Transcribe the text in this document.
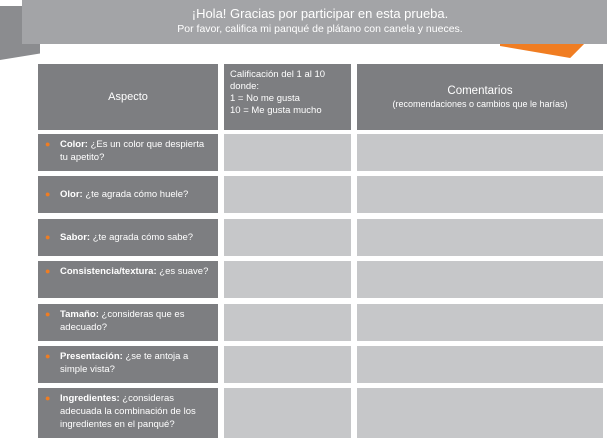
¡Hola! Gracias por participar en esta prueba.
Por favor, califica mi panqué de plátano con canela y nueces.
Aspecto
Calificación del 1 al 10
donde:
1 = No me gusta
10 = Me gusta mucho
Comentarios
(recomendaciones o cambios que le harías)
● Color: ¿Es un color que despierta tu apetito?
● Olor: ¿te agrada cómo huele?
● Sabor: ¿te agrada cómo sabe?
● Consistencia/textura: ¿es suave?
● Tamaño: ¿consideras que es adecuado?
● Presentación: ¿se te antoja a simple vista?
● Ingredientes: ¿consideras adecuada la combinación de los ingredientes en el panqué?
